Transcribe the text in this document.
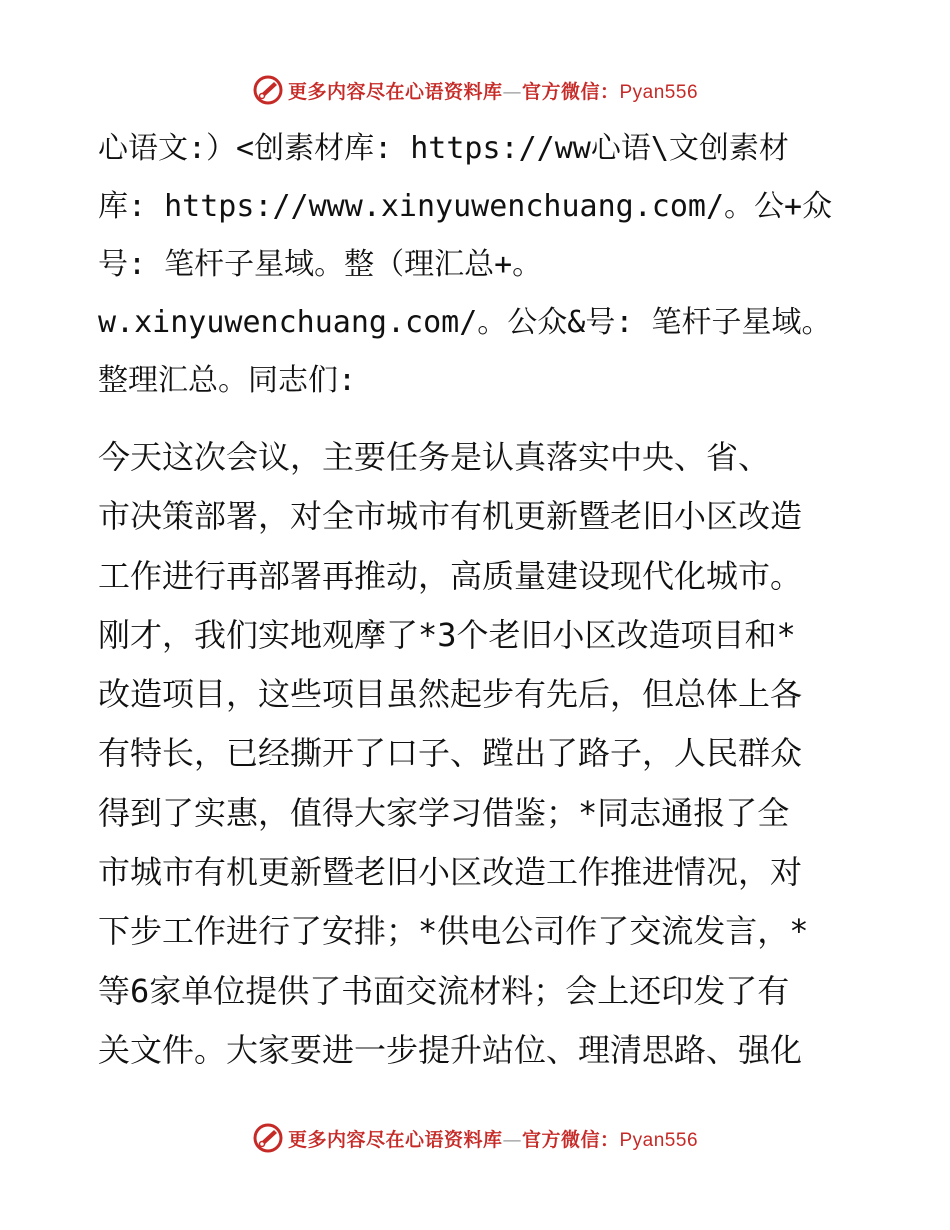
更多内容尽在心语资料库—官方微信：Pyan556

心语文:）<创素材库: https://ww心语\文创素材
库: https://www.xinyuwenchuang.com/。公+众
号: 笔杆子星域。整（理汇总+。
w.xinyuwenchuang.com/。公众&号: 笔杆子星域。
整理汇总。同志们:

今天这次会议，主要任务是认真落实中央、省、
市决策部署，对全市城市有机更新暨老旧小区改造
工作进行再部署再推动，高质量建设现代化城市。
刚才，我们实地观摩了*3个老旧小区改造项目和*
改造项目，这些项目虽然起步有先后，但总体上各
有特长，已经撕开了口子、蹚出了路子，人民群众
得到了实惠，值得大家学习借鉴；*同志通报了全
市城市有机更新暨老旧小区改造工作推进情况，对
下步工作进行了安排；*供电公司作了交流发言，*
等6家单位提供了书面交流材料；会上还印发了有
关文件。大家要进一步提升站位、理清思路、强化

更多内容尽在心语资料库—官方微信：Pyan556
